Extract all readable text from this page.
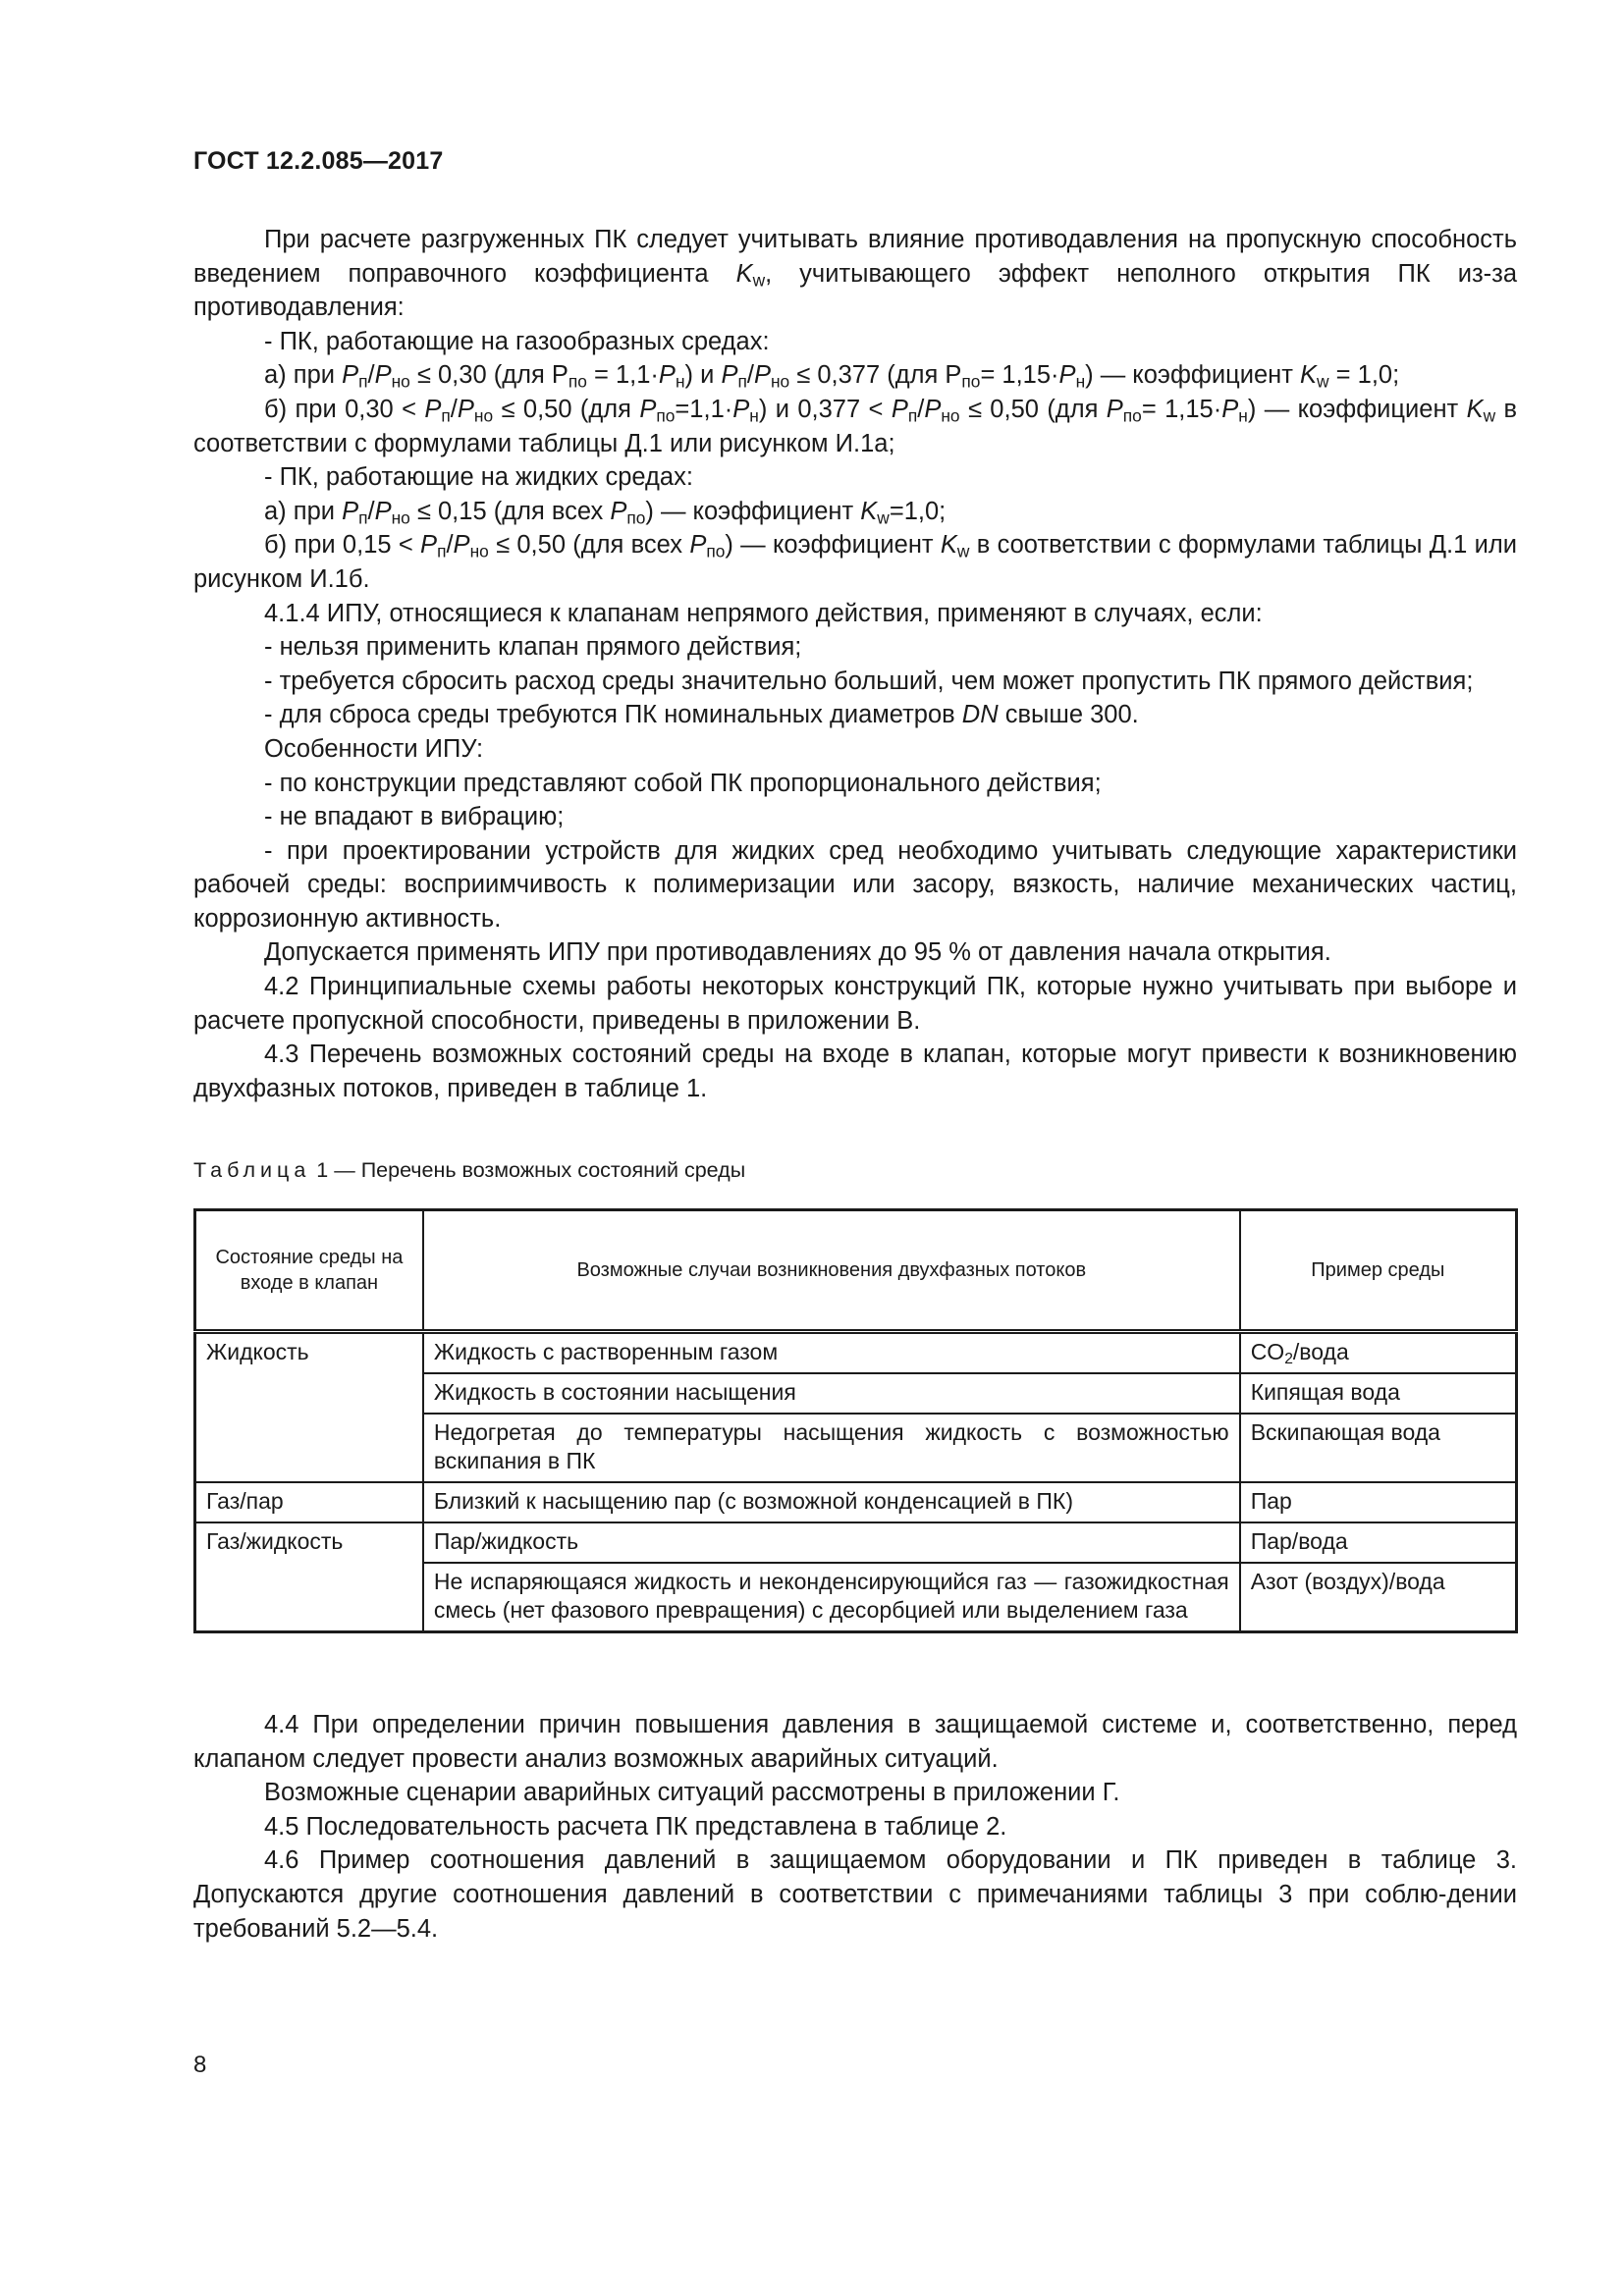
ГОСТ 12.2.085—2017

При расчете разгруженных ПК следует учитывать влияние противодавления на пропускную способность введением поправочного коэффициента $K_w$, учитывающего эффект неполного открытия ПК из-за противодавления:

- ПК, работающие на газообразных средах:

а) при $P_п/P_{но} \le 0,30$ (для $P_{по} = 1,1\cdot P_н$) и $P_п/P_{но} \le 0,377$ (для $P_{по}= 1,15\cdot P_н$) — коэффициент $K_w = 1,0$;

б) при $0,30 < P_п/P_{но} \le 0,50$ (для $P_{по}=1,1\cdot P_н$) и $0,377 < P_п/P_{но} \le 0,50$ (для $P_{по}= 1,15\cdot P_н$) — коэффициент $K_w$ в соответствии с формулами таблицы Д.1 или рисунком И.1а;

- ПК, работающие на жидких средах:

а) при $P_п/P_{но} \le 0,15$ (для всех $P_{по}$) — коэффициент $K_w=1,0$;

б) при $0,15 < P_п/P_{но} \le 0,50$ (для всех $P_{по}$) — коэффициент $K_w$ в соответствии с формулами таблицы Д.1 или рисунком И.1б.

4.1.4 ИПУ, относящиеся к клапанам непрямого действия, применяют в случаях, если:

- нельзя применить клапан прямого действия;

- требуется сбросить расход среды значительно больший, чем может пропустить ПК прямого действия;

- для сброса среды требуются ПК номинальных диаметров DN свыше 300.

Особенности ИПУ:

- по конструкции представляют собой ПК пропорционального действия;

- не впадают в вибрацию;

- при проектировании устройств для жидких сред необходимо учитывать следующие характеристики рабочей среды: восприимчивость к полимеризации или засору, вязкость, наличие механических частиц, коррозионную активность.

Допускается применять ИПУ при противодавлениях до 95 % от давления начала открытия.

4.2 Принципиальные схемы работы некоторых конструкций ПК, которые нужно учитывать при выборе и расчете пропускной способности, приведены в приложении В.

4.3 Перечень возможных состояний среды на входе в клапан, которые могут привести к возникновению двухфазных потоков, приведен в таблице 1.

Таблица 1 — Перечень возможных состояний среды
Состояние среды на входе в клапан	Возможные случаи возникновения двухфазных потоков	Пример среды
Жидкость	Жидкость с растворенным газом	$CO_2$/вода
	Жидкость в состоянии насыщения	Кипящая вода
	Недогретая до температуры насыщения жидкость с возможностью вскипания в ПК	Вскипающая вода
Газ/пар	Близкий к насыщению пар (с возможной конденсацией в ПК)	Пар
Газ/жидкость	Пар/жидкость	Пар/вода
	Не испаряющаяся жидкость и неконденсирующийся газ — газожидкостная смесь (нет фазового превращения) с десорбцией или выделением газа	Азот (воздух)/вода

4.4 При определении причин повышения давления в защищаемой системе и, соответственно, перед клапаном следует провести анализ возможных аварийных ситуаций.

Возможные сценарии аварийных ситуаций рассмотрены в приложении Г.

4.5 Последовательность расчета ПК представлена в таблице 2.

4.6 Пример соотношения давлений в защищаемом оборудовании и ПК приведен в таблице 3. Допускаются другие соотношения давлений в соответствии с примечаниями таблицы 3 при соблю-дении требований 5.2—5.4.

8
